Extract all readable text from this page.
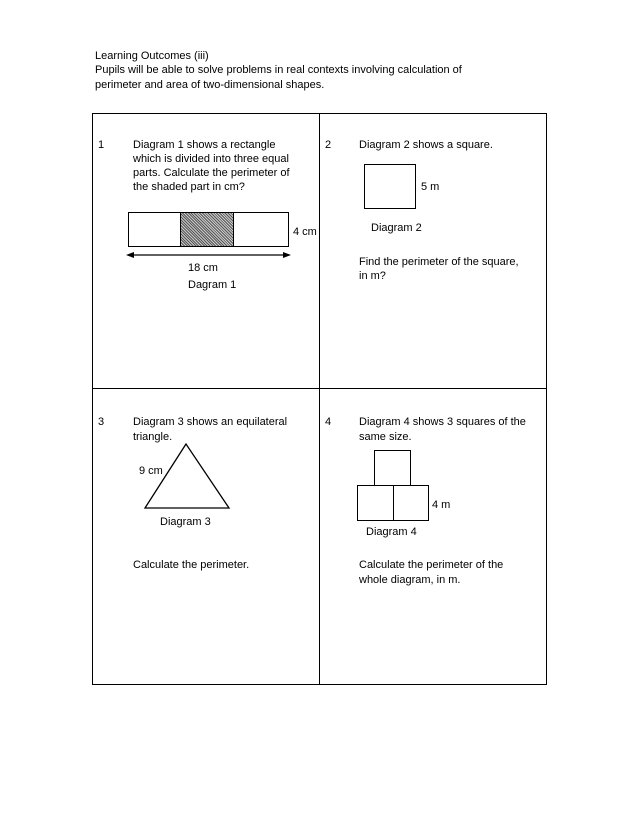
Learning Outcomes (iii)
Pupils will be able to solve problems in real contexts involving calculation of
perimeter and area of two-dimensional shapes.
1	Diagram 1 shows a rectangle
which is divided into three equal
parts. Calculate the perimeter of
the shaded part in cm?
4 cm
18 cm
Dagram 1
2	Diagram 2 shows a square.
5 m
Diagram 2
Find the perimeter of the square,
in m?
3	Diagram 3 shows an equilateral
triangle.
9 cm
Diagram 3
Calculate the perimeter.
4	Diagram 4 shows 3 squares of the
same size.
4 m
Diagram 4
Calculate the perimeter of the
whole diagram, in m.
